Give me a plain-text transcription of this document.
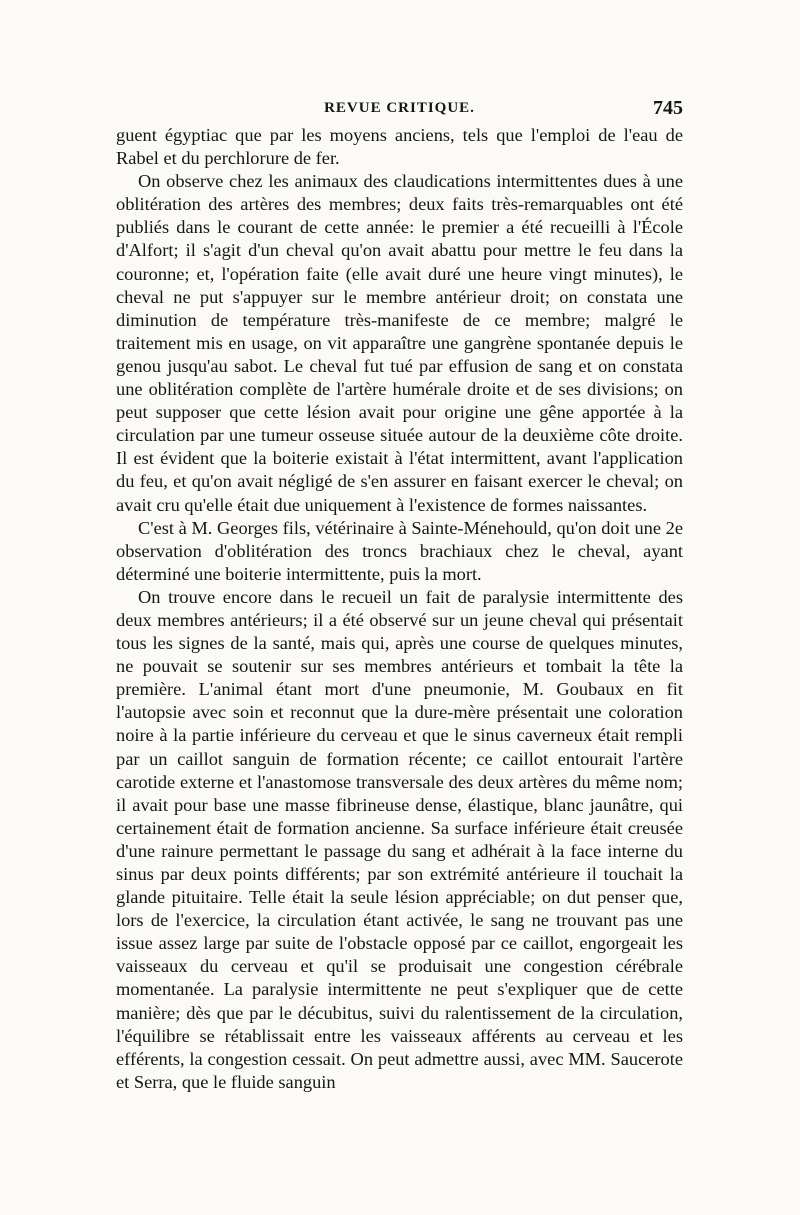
REVUE CRITIQUE.	745

guent égyptiac que par les moyens anciens, tels que l'emploi de l'eau de Rabel et du perchlorure de fer.

On observe chez les animaux des claudications intermittentes dues à une oblitération des artères des membres; deux faits très-remarquables ont été publiés dans le courant de cette année: le premier a été recueilli à l'École d'Alfort; il s'agit d'un cheval qu'on avait abattu pour mettre le feu dans la couronne; et, l'opération faite (elle avait duré une heure vingt minutes), le cheval ne put s'appuyer sur le membre antérieur droit; on constata une diminution de température très-manifeste de ce membre; malgré le traitement mis en usage, on vit apparaître une gangrène spontanée depuis le genou jusqu'au sabot. Le cheval fut tué par effusion de sang et on constata une oblitération complète de l'artère humérale droite et de ses divisions; on peut supposer que cette lésion avait pour origine une gêne apportée à la circulation par une tumeur osseuse située autour de la deuxième côte droite. Il est évident que la boiterie existait à l'état intermittent, avant l'application du feu, et qu'on avait négligé de s'en assurer en faisant exercer le cheval; on avait cru qu'elle était due uniquement à l'existence de formes naissantes.

C'est à M. Georges fils, vétérinaire à Sainte-Ménehould, qu'on doit une 2e observation d'oblitération des troncs brachiaux chez le cheval, ayant déterminé une boiterie intermittente, puis la mort.

On trouve encore dans le recueil un fait de paralysie intermittente des deux membres antérieurs; il a été observé sur un jeune cheval qui présentait tous les signes de la santé, mais qui, après une course de quelques minutes, ne pouvait se soutenir sur ses membres antérieurs et tombait la tête la première. L'animal étant mort d'une pneumonie, M. Goubaux en fit l'autopsie avec soin et reconnut que la dure-mère présentait une coloration noire à la partie inférieure du cerveau et que le sinus caverneux était rempli par un caillot sanguin de formation récente; ce caillot entourait l'artère carotide externe et l'anastomose transversale des deux artères du même nom; il avait pour base une masse fibrineuse dense, élastique, blanc jaunâtre, qui certainement était de formation ancienne. Sa surface inférieure était creusée d'une rainure permettant le passage du sang et adhérait à la face interne du sinus par deux points différents; par son extrémité antérieure il touchait la glande pituitaire. Telle était la seule lésion appréciable; on dut penser que, lors de l'exercice, la circulation étant activée, le sang ne trouvant pas une issue assez large par suite de l'obstacle opposé par ce caillot, engorgeait les vaisseaux du cerveau et qu'il se produisait une congestion cérébrale momentanée. La paralysie intermittente ne peut s'expliquer que de cette manière; dès que par le décubitus, suivi du ralentissement de la circulation, l'équilibre se rétablissait entre les vaisseaux afférents au cerveau et les efférents, la congestion cessait. On peut admettre aussi, avec MM. Saucerote et Serra, que le fluide sanguin
